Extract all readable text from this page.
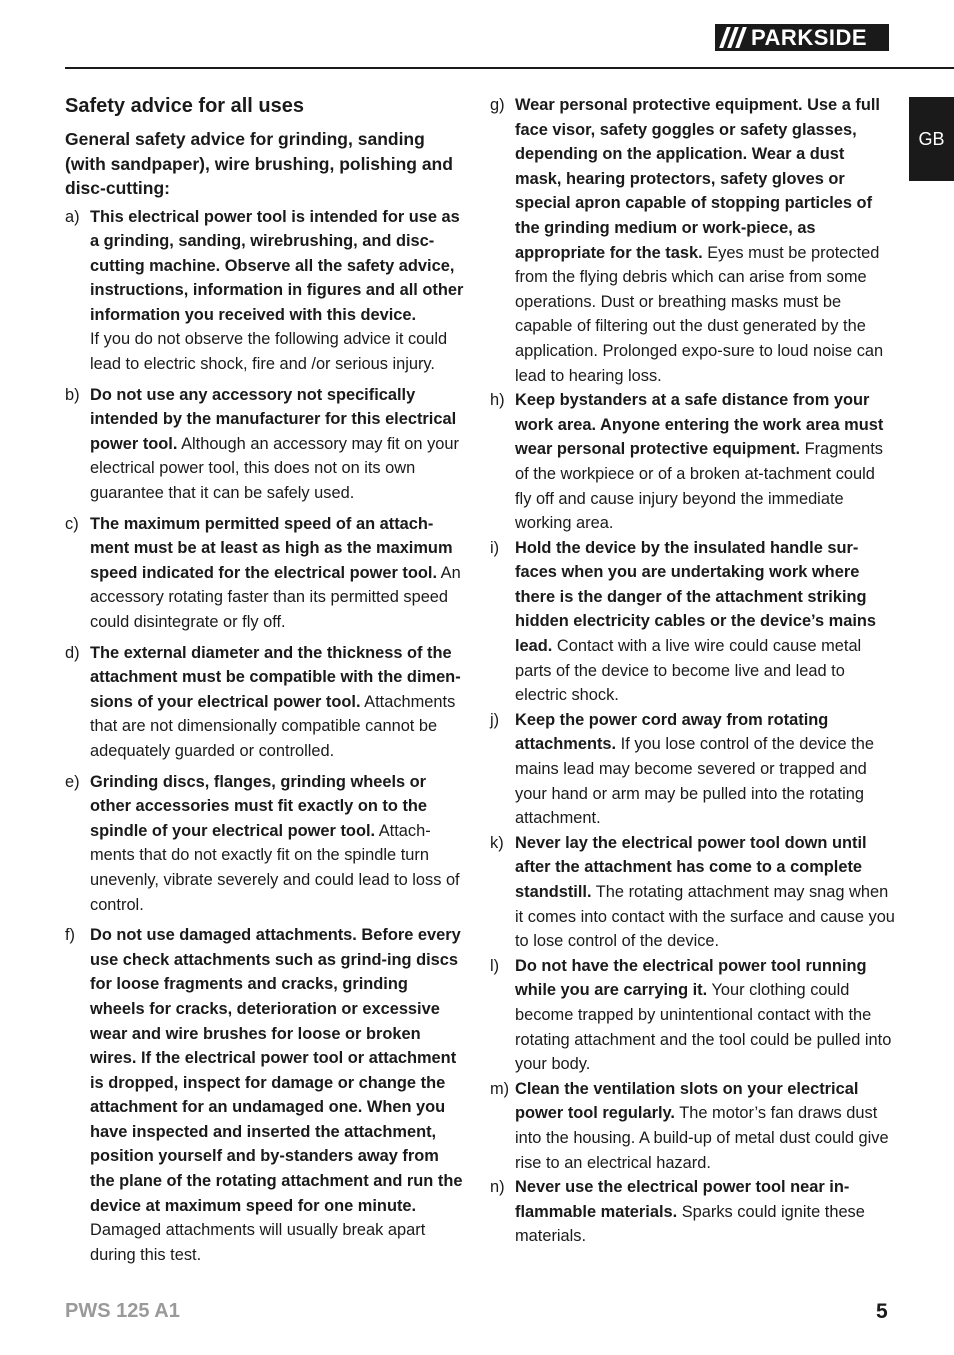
PARKSIDE
GB
Safety advice for all uses

General safety advice for grinding, sanding (with sandpaper), wire brushing, polishing and disc-cutting:

a) This electrical power tool is intended for use as a grinding, sanding, wirebrushing, and disc-cutting machine. Observe all the safety advice, instructions, information in figures and all other information you received with this device.
If you do not observe the following advice it could lead to electric shock, fire and /or serious injury.
b) Do not use any accessory not specifically intended by the manufacturer for this electrical power tool. Although an accessory may fit on your electrical power tool, this does not on its own guarantee that it can be safely used.
c) The maximum permitted speed of an attach-ment must be at least as high as the maximum speed indicated for the electrical power tool. An accessory rotating faster than its permitted speed could disintegrate or fly off.
d) The external diameter and the thickness of the attachment must be compatible with the dimen-sions of your electrical power tool. Attachments that are not dimensionally compatible cannot be adequately guarded or controlled.
e) Grinding discs, flanges, grinding wheels or other accessories must fit exactly on to the spindle of your electrical power tool. Attach-ments that do not exactly fit on the spindle turn unevenly, vibrate severely and could lead to loss of control.
f) Do not use damaged attachments. Before every use check attachments such as grind-ing discs for loose fragments and cracks, grinding wheels for cracks, deterioration or excessive wear and wire brushes for loose or broken wires. If the electrical power tool or attachment is dropped, inspect for damage or change the attachment for an undamaged one. When you have inspected and inserted the attachment, position yourself and by-standers away from the plane of the rotating attachment and run the device at maximum speed for one minute. Damaged attachments will usually break apart during this test.
g) Wear personal protective equipment. Use a full face visor, safety goggles or safety glasses, depending on the application. Wear a dust mask, hearing protectors, safety gloves or special apron capable of stopping particles of the grinding medium or work-piece, as appropriate for the task. Eyes must be protected from the flying debris which can arise from some operations. Dust or breathing masks must be capable of filtering out the dust generated by the application. Prolonged expo-sure to loud noise can lead to hearing loss.
h) Keep bystanders at a safe distance from your work area. Anyone entering the work area must wear personal protective equipment. Fragments of the workpiece or of a broken at-tachment could fly off and cause injury beyond the immediate working area.
i) Hold the device by the insulated handle sur-faces when you are undertaking work where there is the danger of the attachment striking hidden electricity cables or the device’s mains lead. Contact with a live wire could cause metal parts of the device to become live and lead to electric shock.
j) Keep the power cord away from rotating attachments. If you lose control of the device the mains lead may become severed or trapped and your hand or arm may be pulled into the rotating attachment.
k) Never lay the electrical power tool down until after the attachment has come to a complete standstill. The rotating attachment may snag when it comes into contact with the surface and cause you to lose control of the device.
l) Do not have the electrical power tool running while you are carrying it. Your clothing could become trapped by unintentional contact with the rotating attachment and the tool could be pulled into your body.
m) Clean the ventilation slots on your electrical power tool regularly. The motor’s fan draws dust into the housing. A build-up of metal dust could give rise to an electrical hazard.
n) Never use the electrical power tool near in-flammable materials. Sparks could ignite these materials.
PWS 125 A1	5
